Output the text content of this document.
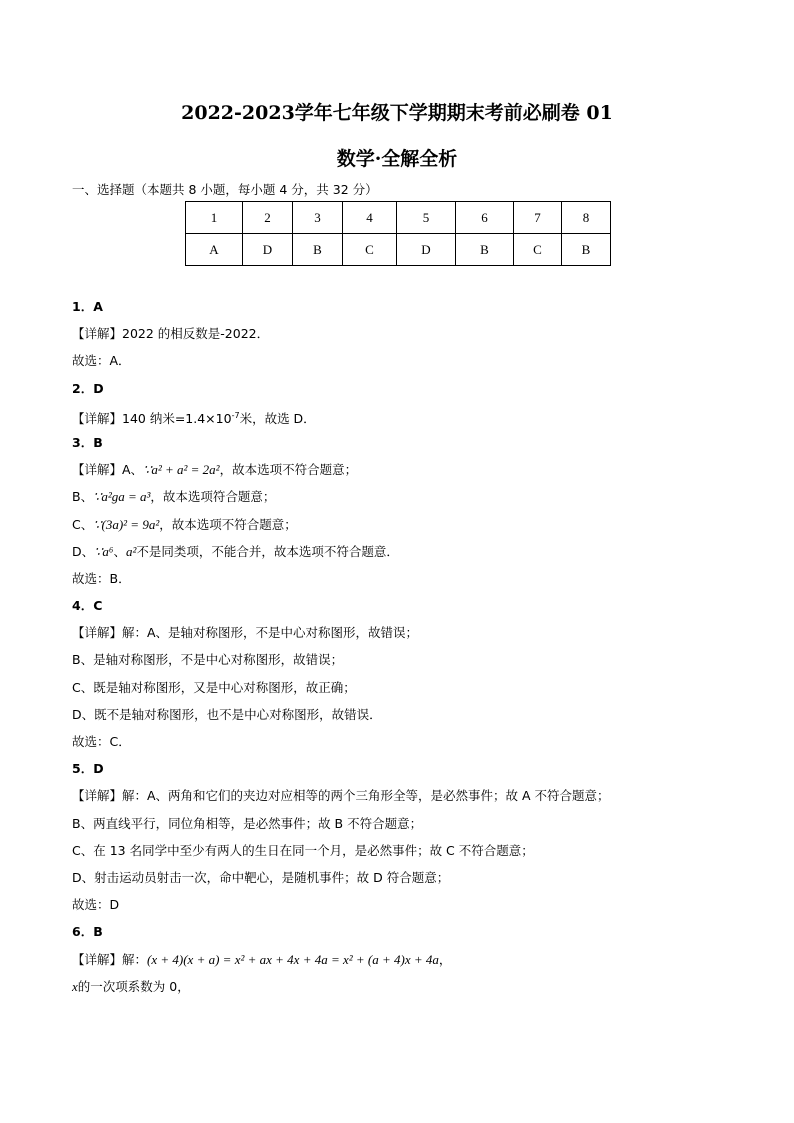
2022-2023学年七年级下学期期末考前必刷卷 01
数学·全解全析
一、选择题（本题共 8 小题，每小题 4 分，共 32 分）
1	2	3	4	5	6	7	8
A	D	B	C	D	B	C	B
1．A
【详解】2022 的相反数是-2022．
故选：A．
2．D
【详解】140 纳米$=1.4\times 10^{-7}$米，故选 D．
3．B
【详解】A、∵a² + a² = 2a²，故本选项不符合题意；
B、∵a²ga = a³，故本选项符合题意；
C、∵(3a)² = 9a²，故本选项不符合题意；
D、∵a⁶、a²不是同类项，不能合并，故本选项不符合题意．
故选：B．
4．C
【详解】解：A、是轴对称图形，不是中心对称图形，故错误；
B、是轴对称图形，不是中心对称图形，故错误；
C、既是轴对称图形，又是中心对称图形，故正确；
D、既不是轴对称图形，也不是中心对称图形，故错误．
故选：C．
5．D
【详解】解：A、两角和它们的夹边对应相等的两个三角形全等，是必然事件；故 A 不符合题意；
B、两直线平行，同位角相等，是必然事件；故 B 不符合题意；
C、在 13 名同学中至少有两人的生日在同一个月，是必然事件；故 C 不符合题意；
D、射击运动员射击一次，命中靶心，是随机事件；故 D 符合题意；
故选：D
6．B
【详解】解：(x + 4)(x + a) = x² + ax + 4x + 4a = x² + (a + 4)x + 4a，
x的一次项系数为 0，
